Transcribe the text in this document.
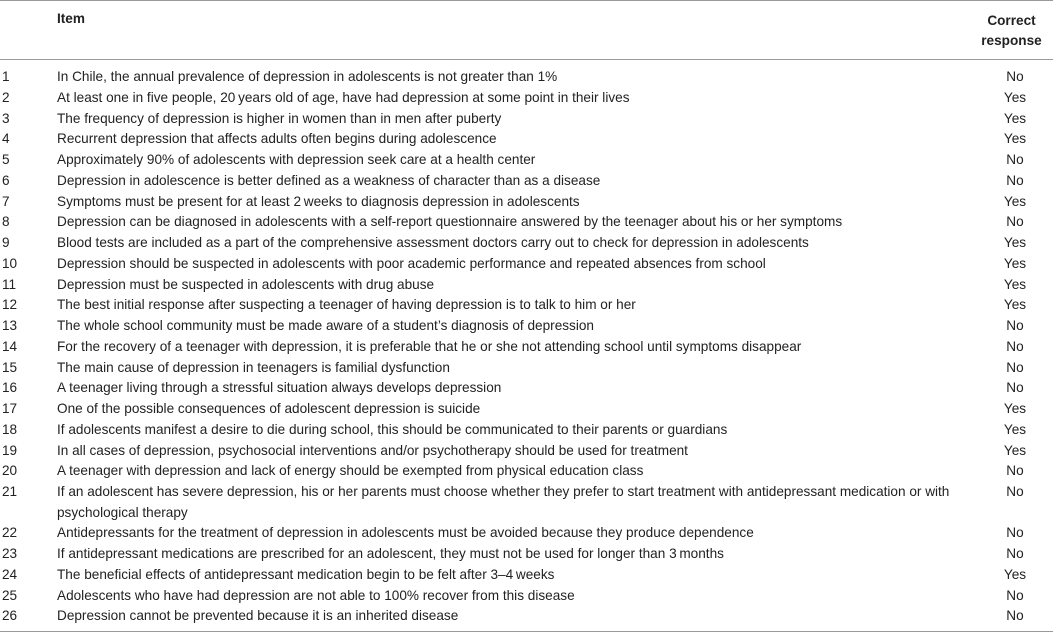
	Item	Correct response
1	In Chile, the annual prevalence of depression in adolescents is not greater than 1%	No
2	At least one in five people, 20 years old of age, have had depression at some point in their lives	Yes
3	The frequency of depression is higher in women than in men after puberty	Yes
4	Recurrent depression that affects adults often begins during adolescence	Yes
5	Approximately 90% of adolescents with depression seek care at a health center	No
6	Depression in adolescence is better defined as a weakness of character than as a disease	No
7	Symptoms must be present for at least 2 weeks to diagnosis depression in adolescents	Yes
8	Depression can be diagnosed in adolescents with a self-report questionnaire answered by the teenager about his or her symptoms	No
9	Blood tests are included as a part of the comprehensive assessment doctors carry out to check for depression in adolescents	Yes
10	Depression should be suspected in adolescents with poor academic performance and repeated absences from school	Yes
11	Depression must be suspected in adolescents with drug abuse	Yes
12	The best initial response after suspecting a teenager of having depression is to talk to him or her	Yes
13	The whole school community must be made aware of a student’s diagnosis of depression	No
14	For the recovery of a teenager with depression, it is preferable that he or she not attending school until symptoms disappear	No
15	The main cause of depression in teenagers is familial dysfunction	No
16	A teenager living through a stressful situation always develops depression	No
17	One of the possible consequences of adolescent depression is suicide	Yes
18	If adolescents manifest a desire to die during school, this should be communicated to their parents or guardians	Yes
19	In all cases of depression, psychosocial interventions and/or psychotherapy should be used for treatment	Yes
20	A teenager with depression and lack of energy should be exempted from physical education class	No
21	If an adolescent has severe depression, his or her parents must choose whether they prefer to start treatment with antidepressant medication or with psychological therapy	No
22	Antidepressants for the treatment of depression in adolescents must be avoided because they produce dependence	No
23	If antidepressant medications are prescribed for an adolescent, they must not be used for longer than 3 months	No
24	The beneficial effects of antidepressant medication begin to be felt after 3–4 weeks	Yes
25	Adolescents who have had depression are not able to 100% recover from this disease	No
26	Depression cannot be prevented because it is an inherited disease	No
